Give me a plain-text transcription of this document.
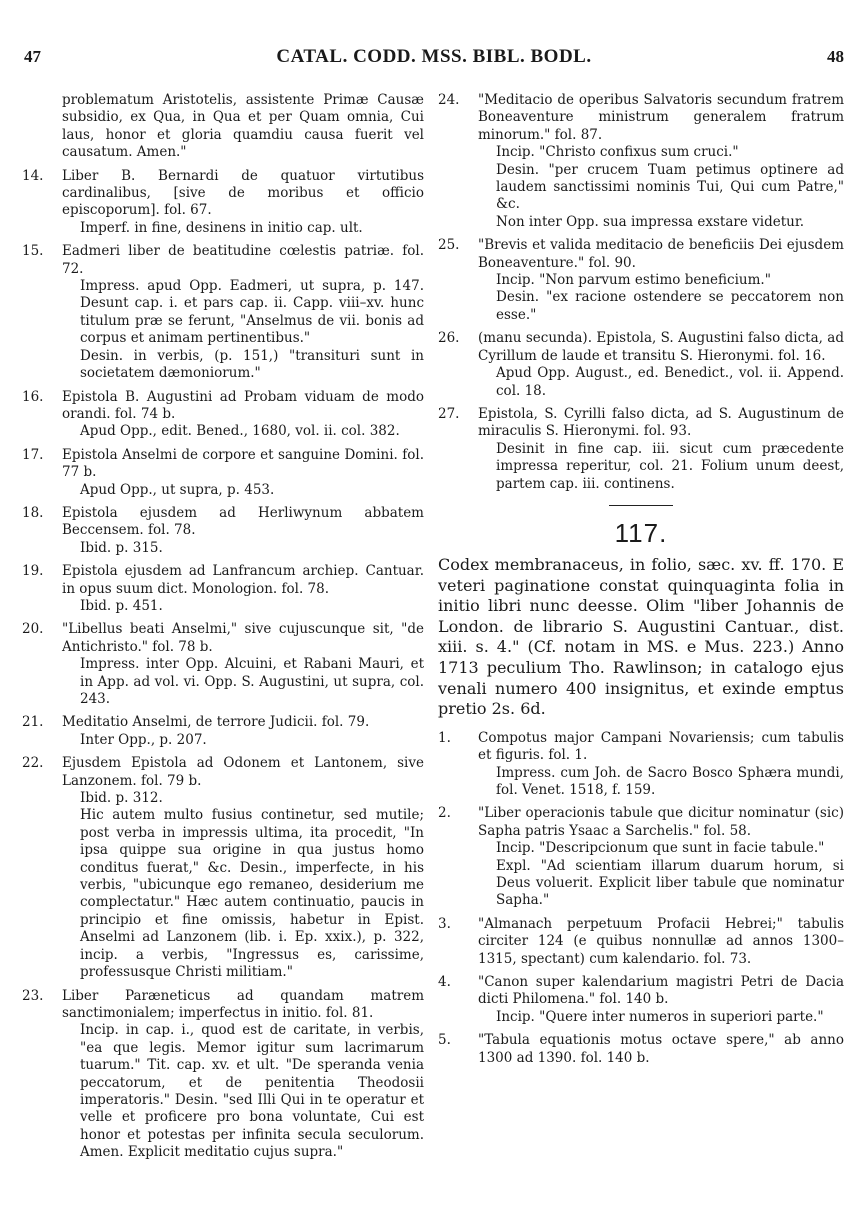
47	CATAL. CODD. MSS. BIBL. BODL.	48

problematum Aristotelis, assistente Primæ Causæ subsidio, ex Qua, in Qua et per Quam omnia, Cui laus, honor et gloria quamdiu causa fuerit vel causatum. Amen."

14.	Liber B. Bernardi de quatuor virtutibus cardinalibus, [sive de moribus et officio episcoporum]. fol. 67.

Imperf. in fine, desinens in initio cap. ult.

15.	Eadmeri liber de beatitudine cœlestis patriæ. fol. 72.

Impress. apud Opp. Eadmeri, ut supra, p. 147. Desunt cap. i. et pars cap. ii. Capp. viii–xv. hunc titulum præ se ferunt, "Anselmus de vii. bonis ad corpus et animam pertinentibus."

Desin. in verbis, (p. 151,) "transituri sunt in societatem dæmoniorum."

16.	Epistola B. Augustini ad Probam viduam de modo orandi. fol. 74 b.

Apud Opp., edit. Bened., 1680, vol. ii. col. 382.

17.	Epistola Anselmi de corpore et sanguine Domini. fol. 77 b.

Apud Opp., ut supra, p. 453.

18.	Epistola ejusdem ad Herliwynum abbatem Beccensem. fol. 78.

Ibid. p. 315.

19.	Epistola ejusdem ad Lanfrancum archiep. Cantuar. in opus suum dict. Monologion. fol. 78.

Ibid. p. 451.

20.	"Libellus beati Anselmi," sive cujuscunque sit, "de Antichristo." fol. 78 b.

Impress. inter Opp. Alcuini, et Rabani Mauri, et in App. ad vol. vi. Opp. S. Augustini, ut supra, col. 243.

21.	Meditatio Anselmi, de terrore Judicii. fol. 79.

Inter Opp., p. 207.

22.	Ejusdem Epistola ad Odonem et Lantonem, sive Lanzonem. fol. 79 b.

Ibid. p. 312.

Hic autem multo fusius continetur, sed mutile; post verba in impressis ultima, ita procedit, "In ipsa quippe sua origine in qua justus homo conditus fuerat," &c. Desin., imperfecte, in his verbis, "ubicunque ego remaneo, desiderium me complectatur." Hæc autem continuatio, paucis in principio et fine omissis, habetur in Epist. Anselmi ad Lanzonem (lib. i. Ep. xxix.), p. 322, incip. a verbis, "Ingressus es, carissime, professusque Christi militiam."

23.	Liber Paræneticus ad quandam matrem sanctimonialem; imperfectus in initio. fol. 81.

Incip. in cap. i., quod est de caritate, in verbis, "ea que legis. Memor igitur sum lacrimarum tuarum." Tit. cap. xv. et ult. "De speranda venia peccatorum, et de penitentia Theodosii imperatoris." Desin. "sed Illi Qui in te operatur et velle et proficere pro bona voluntate, Cui est honor et potestas per infinita secula seculorum. Amen. Explicit meditatio cujus supra."

24.	"Meditacio de operibus Salvatoris secundum fratrem Boneaventure ministrum generalem fratrum minorum." fol. 87.

Incip. "Christo confixus sum cruci."

Desin. "per crucem Tuam petimus optinere ad laudem sanctissimi nominis Tui, Qui cum Patre," &c.

Non inter Opp. sua impressa exstare videtur.

25.	"Brevis et valida meditacio de beneficiis Dei ejusdem Boneaventure." fol. 90.

Incip. "Non parvum estimo beneficium."

Desin. "ex racione ostendere se peccatorem non esse."

26.	(manu secunda). Epistola, S. Augustini falso dicta, ad Cyrillum de laude et transitu S. Hieronymi. fol. 16.

Apud Opp. August., ed. Benedict., vol. ii. Append. col. 18.

27.	Epistola, S. Cyrilli falso dicta, ad S. Augustinum de miraculis S. Hieronymi. fol. 93.

Desinit in fine cap. iii. sicut cum præcedente impressa reperitur, col. 21. Folium unum deest, partem cap. iii. continens.

117.

Codex membranaceus, in folio, sæc. xv. ff. 170. E veteri paginatione constat quinquaginta folia in initio libri nunc deesse. Olim "liber Johannis de London. de librario S. Augustini Cantuar., dist. xiii. s. 4." (Cf. notam in MS. e Mus. 223.) Anno 1713 peculium Tho. Rawlinson; in catalogo ejus venali numero 400 insignitus, et exinde emptus pretio 2s. 6d.

1.	Compotus major Campani Novariensis; cum tabulis et figuris. fol. 1.

Impress. cum Joh. de Sacro Bosco Sphæra mundi, fol. Venet. 1518, f. 159.

2.	"Liber operacionis tabule que dicitur nominatur (sic) Sapha patris Ysaac a Sarchelis." fol. 58.

Incip. "Descripcionum que sunt in facie tabule."

Expl. "Ad scientiam illarum duarum horum, si Deus voluerit. Explicit liber tabule que nominatur Sapha."

3.	"Almanach perpetuum Profacii Hebrei;" tabulis circiter 124 (e quibus nonnullæ ad annos 1300–1315, spectant) cum kalendario. fol. 73.

4.	"Canon super kalendarium magistri Petri de Dacia dicti Philomena." fol. 140 b.

Incip. "Quere inter numeros in superiori parte."

5.	"Tabula equationis motus octave spere," ab anno 1300 ad 1390. fol. 140 b.
